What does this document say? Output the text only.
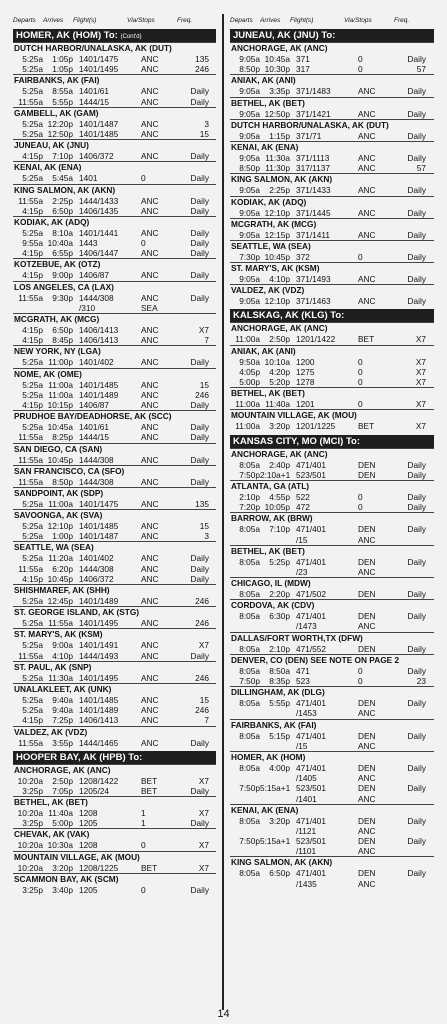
Departs	Arrives	Flight(s)	Via/Stops	Freq.
HOMER, AK (HOM) To: (Cont'd)
DUTCH HARBOR/UNALASKA, AK (DUT)
5:25a	1:05p 1401/1475	ANC	135
5:25a	1:05p 1401/1495	ANC	246
FAIRBANKS, AK (FAI)
5:25a	8:55a 1401/61	ANC	Daily
11:55a	5:55p 1444/15	ANC	Daily
GAMBELL, AK (GAM)
5:25a 12:20p 1401/1487	ANC	3
5:25a 12:50p 1401/1485	ANC	15
JUNEAU, AK (JNU)
4:15p	7:10p 1406/372	ANC	Daily
KENAI, AK (ENA)
5:25a	5:45a 1401	0	Daily
KING SALMON, AK (AKN)
11:55a	2:25p 1444/1433	ANC	Daily
4:15p	6:50p 1406/1435	ANC	Daily
KODIAK, AK (ADQ)
5:25a	8:10a 1401/1441	ANC	Daily
9:55a 10:40a 1443	0	Daily
4:15p	6:55p 1406/1447	ANC	Daily
KOTZEBUE, AK (OTZ)
4:15p	9:00p 1406/87	ANC	Daily
LOS ANGELES, CA (LAX)
11:55a	9:30p 1444/308	ANC	Daily
/310	SEA
MCGRATH, AK (MCG)
4:15p	6:50p 1406/1413	ANC	X7
4:15p	8:45p 1406/1413	ANC	7
NEW YORK, NY (LGA)
5:25a 11:00p 1401/402	ANC	Daily
NOME, AK (OME)
5:25a 11:00a 1401/1485	ANC	15
5:25a 11:00a 1401/1489	ANC	246
4:15p 10:15p 1406/87	ANC	Daily
PRUDHOE BAY/DEADHORSE, AK (SCC)
5:25a 10:45a 1401/61	ANC	Daily
11:55a	8:25p 1444/15	ANC	Daily
SAN DIEGO, CA (SAN)
11:55a 10:45p 1444/308	ANC	Daily
SAN FRANCISCO, CA (SFO)
11:55a	8:50p 1444/308	ANC	Daily
SANDPOINT, AK (SDP)
5:25a 11:00a 1401/1475	ANC	135
SAVOONGA, AK (SVA)
5:25a 12:10p 1401/1485	ANC	15
5:25a	1:00p 1401/1487	ANC	3
SEATTLE, WA (SEA)
5:25a 11:20a 1401/402	ANC	Daily
11:55a	6:20p 1444/308	ANC	Daily
4:15p 10:45p 1406/372	ANC	Daily
SHISHMAREF, AK (SHH)
5:25a 12:45p 1401/1489	ANC	246
ST. GEORGE ISLAND, AK (STG)
5:25a 11:55a 1401/1495	ANC	246
ST. MARY'S, AK (KSM)
5:25a	9:00a 1401/1491	ANC	X7
11:55a	4:10p 1444/1493	ANC	Daily
ST. PAUL, AK (SNP)
5:25a 11:30a 1401/1495	ANC	246
UNALAKLEET, AK (UNK)
5:25a	9:40a 1401/1485	ANC	15
5:25a	9:40a 1401/1489	ANC	246
4:15p	7:25p 1406/1413	ANC	7
VALDEZ, AK (VDZ)
11:55a	3:55p 1444/1465	ANC	Daily
HOOPER BAY, AK (HPB) To:
ANCHORAGE, AK (ANC)
10:20a	2:50p 1208/1422	BET	X7
3:25p	7:05p 1205/24	BET	Daily
BETHEL, AK (BET)
10:20a 11:40a 1208	1	X7
3:25p	5:00p 1205	1	Daily
CHEVAK, AK (VAK)
10:20a 10:30a 1208	0	X7
MOUNTAIN VILLAGE, AK (MOU)
10:20a	3:20p 1208/1225	BET	X7
SCAMMON BAY, AK (SCM)
3:25p	3:40p 1205	0	Daily
Departs	Arrives	Flight(s)	Via/Stops	Freq.
JUNEAU, AK (JNU) To:
ANCHORAGE, AK (ANC)
9:05a 10:45a 371	0	Daily
8:50p 10:30p 317	0	57
ANIAK, AK (ANI)
9:05a	3:35p 371/1483	ANC	Daily
BETHEL, AK (BET)
9:05a 12:50p 371/1421	ANC	Daily
DUTCH HARBOR/UNALASKA, AK (DUT)
9:05a	1:15p 371/71	ANC	Daily
KENAI, AK (ENA)
9:05a 11:30a 371/1113	ANC	Daily
8:50p 11:30p 317/1137	ANC	57
KING SALMON, AK (AKN)
9:05a	2:25p 371/1433	ANC	Daily
KODIAK, AK (ADQ)
9:05a 12:10p 371/1445	ANC	Daily
MCGRATH, AK (MCG)
9:05a 12:15p 371/1411	ANC	Daily
SEATTLE, WA (SEA)
7:30p 10:45p 372	0	Daily
ST. MARY'S, AK (KSM)
9:05a	4:10p 371/1493	ANC	Daily
VALDEZ, AK (VDZ)
9:05a 12:10p 371/1463	ANC	Daily
KALSKAG, AK (KLG) To:
ANCHORAGE, AK (ANC)
11:00a	2:50p 1201/1422	BET	X7
ANIAK, AK (ANI)
9:50a 10:10a 1200	0	X7
4:05p	4:20p 1275	0	X7
5:00p	5:20p 1278	0	X7
BETHEL, AK (BET)
11:00a 11:40a 1201	0	X7
MOUNTAIN VILLAGE, AK (MOU)
11:00a	3:20p 1201/1225	BET	X7
KANSAS CITY, MO (MCI) To:
ANCHORAGE, AK (ANC)
8:05a	2:40p 471/401	DEN	Daily
7:50p 2:10a+1 523/501	DEN	Daily
ATLANTA, GA (ATL)
2:10p	4:55p 522	0	Daily
7:20p 10:05p 472	0	Daily
BARROW, AK (BRW)
8:05a	7:10p 471/401	DEN	Daily
/15	ANC
BETHEL, AK (BET)
8:05a	5:25p 471/401	DEN	Daily
/23	ANC
CHICAGO, IL (MDW)
8:05a	2:20p 471/502	DEN	Daily
CORDOVA, AK (CDV)
8:05a	6:30p 471/401	DEN	Daily
/1473	ANC
DALLAS/FORT WORTH,TX (DFW)
8:05a	2:10p 471/552	DEN	Daily
DENVER, CO (DEN) SEE NOTE ON PAGE 2
8:05a	8:50a 471	0	Daily
7:50p	8:35p 523	0	23
DILLINGHAM, AK (DLG)
8:05a	5:55p 471/401	DEN	Daily
/1453	ANC
FAIRBANKS, AK (FAI)
8:05a	5:15p 471/401	DEN	Daily
/15	ANC
HOMER, AK (HOM)
8:05a	4:00p 471/401	DEN	Daily
/1405	ANC
7:50p 5:15a+1 523/501	DEN	Daily
/1401	ANC
KENAI, AK (ENA)
8:05a	3:20p 471/401	DEN	Daily
/1121	ANC
7:50p 5:15a+1 523/501	DEN	Daily
/1101	ANC
KING SALMON, AK (AKN)
8:05a	6:50p 471/401	DEN	Daily
/1435	ANC
14
